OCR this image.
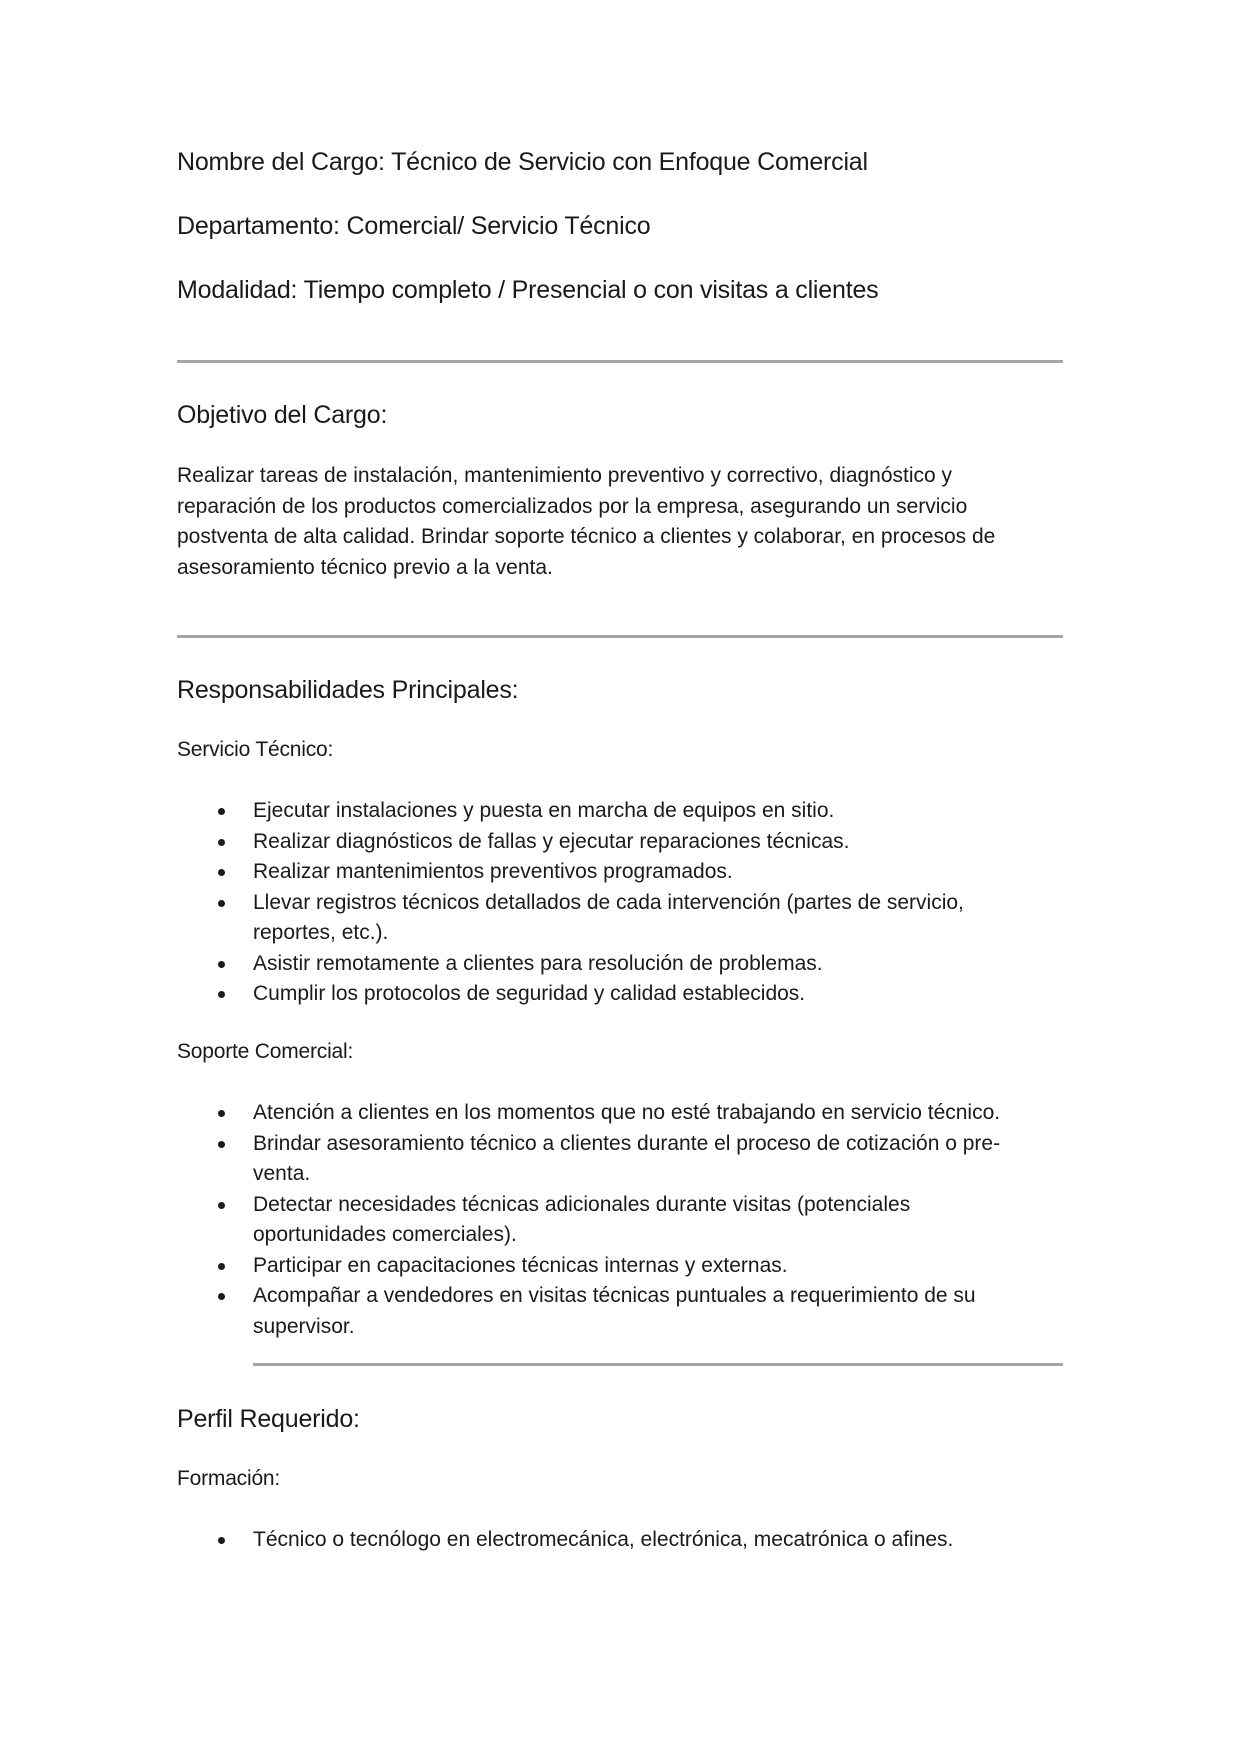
Nombre del Cargo: Técnico de Servicio con Enfoque Comercial
Departamento: Comercial/ Servicio Técnico
Modalidad: Tiempo completo / Presencial o con visitas a clientes
Objetivo del Cargo:
Realizar tareas de instalación, mantenimiento preventivo y correctivo, diagnóstico y
reparación de los productos comercializados por la empresa, asegurando un servicio
postventa de alta calidad. Brindar soporte técnico a clientes y colaborar, en procesos de
asesoramiento técnico previo a la venta.
Responsabilidades Principales:
Servicio Técnico:
Ejecutar instalaciones y puesta en marcha de equipos en sitio.
Realizar diagnósticos de fallas y ejecutar reparaciones técnicas.
Realizar mantenimientos preventivos programados.
Llevar registros técnicos detallados de cada intervención (partes de servicio,
reportes, etc.).
Asistir remotamente a clientes para resolución de problemas.
Cumplir los protocolos de seguridad y calidad establecidos.
Soporte Comercial:
Atención a clientes en los momentos que no esté trabajando en servicio técnico.
Brindar asesoramiento técnico a clientes durante el proceso de cotización o pre-
venta.
Detectar necesidades técnicas adicionales durante visitas (potenciales
oportunidades comerciales).
Participar en capacitaciones técnicas internas y externas.
Acompañar a vendedores en visitas técnicas puntuales a requerimiento de su
supervisor.
Perfil Requerido:
Formación:
Técnico o tecnólogo en electromecánica, electrónica, mecatrónica o afines.
